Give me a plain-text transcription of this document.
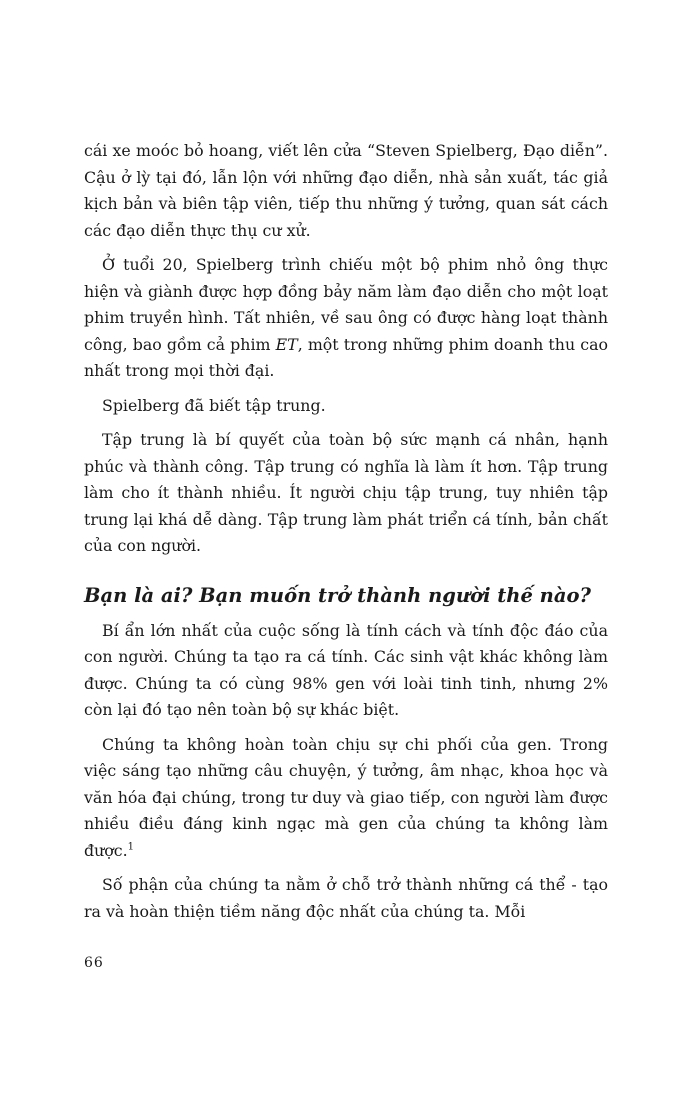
cái xe moóc bỏ hoang, viết lên cửa “Steven Spielberg, Đạo diễn”. Cậu ở lỳ tại đó, lẫn lộn với những đạo diễn, nhà sản xuất, tác giả kịch bản và biên tập viên, tiếp thu những ý tưởng, quan sát cách các đạo diễn thực thụ cư xử.

Ở tuổi 20, Spielberg trình chiếu một bộ phim nhỏ ông thực hiện và giành được hợp đồng bảy năm làm đạo diễn cho một loạt phim truyền hình. Tất nhiên, về sau ông có được hàng loạt thành công, bao gồm cả phim ET, một trong những phim doanh thu cao nhất trong mọi thời đại.

Spielberg đã biết tập trung.

Tập trung là bí quyết của toàn bộ sức mạnh cá nhân, hạnh phúc và thành công. Tập trung có nghĩa là làm ít hơn. Tập trung làm cho ít thành nhiều. Ít người chịu tập trung, tuy nhiên tập trung lại khá dễ dàng. Tập trung làm phát triển cá tính, bản chất của con người.

Bạn là ai? Bạn muốn trở thành người thế nào?

Bí ẩn lớn nhất của cuộc sống là tính cách và tính độc đáo của con người. Chúng ta tạo ra cá tính. Các sinh vật khác không làm được. Chúng ta có cùng 98% gen với loài tinh tinh, nhưng 2% còn lại đó tạo nên toàn bộ sự khác biệt.

Chúng ta không hoàn toàn chịu sự chi phối của gen. Trong việc sáng tạo những câu chuyện, ý tưởng, âm nhạc, khoa học và văn hóa đại chúng, trong tư duy và giao tiếp, con người làm được nhiều điều đáng kinh ngạc mà gen của chúng ta không làm được.$^1$

Số phận của chúng ta nằm ở chỗ trở thành những cá thể - tạo ra và hoàn thiện tiềm năng độc nhất của chúng ta. Mỗi

66
